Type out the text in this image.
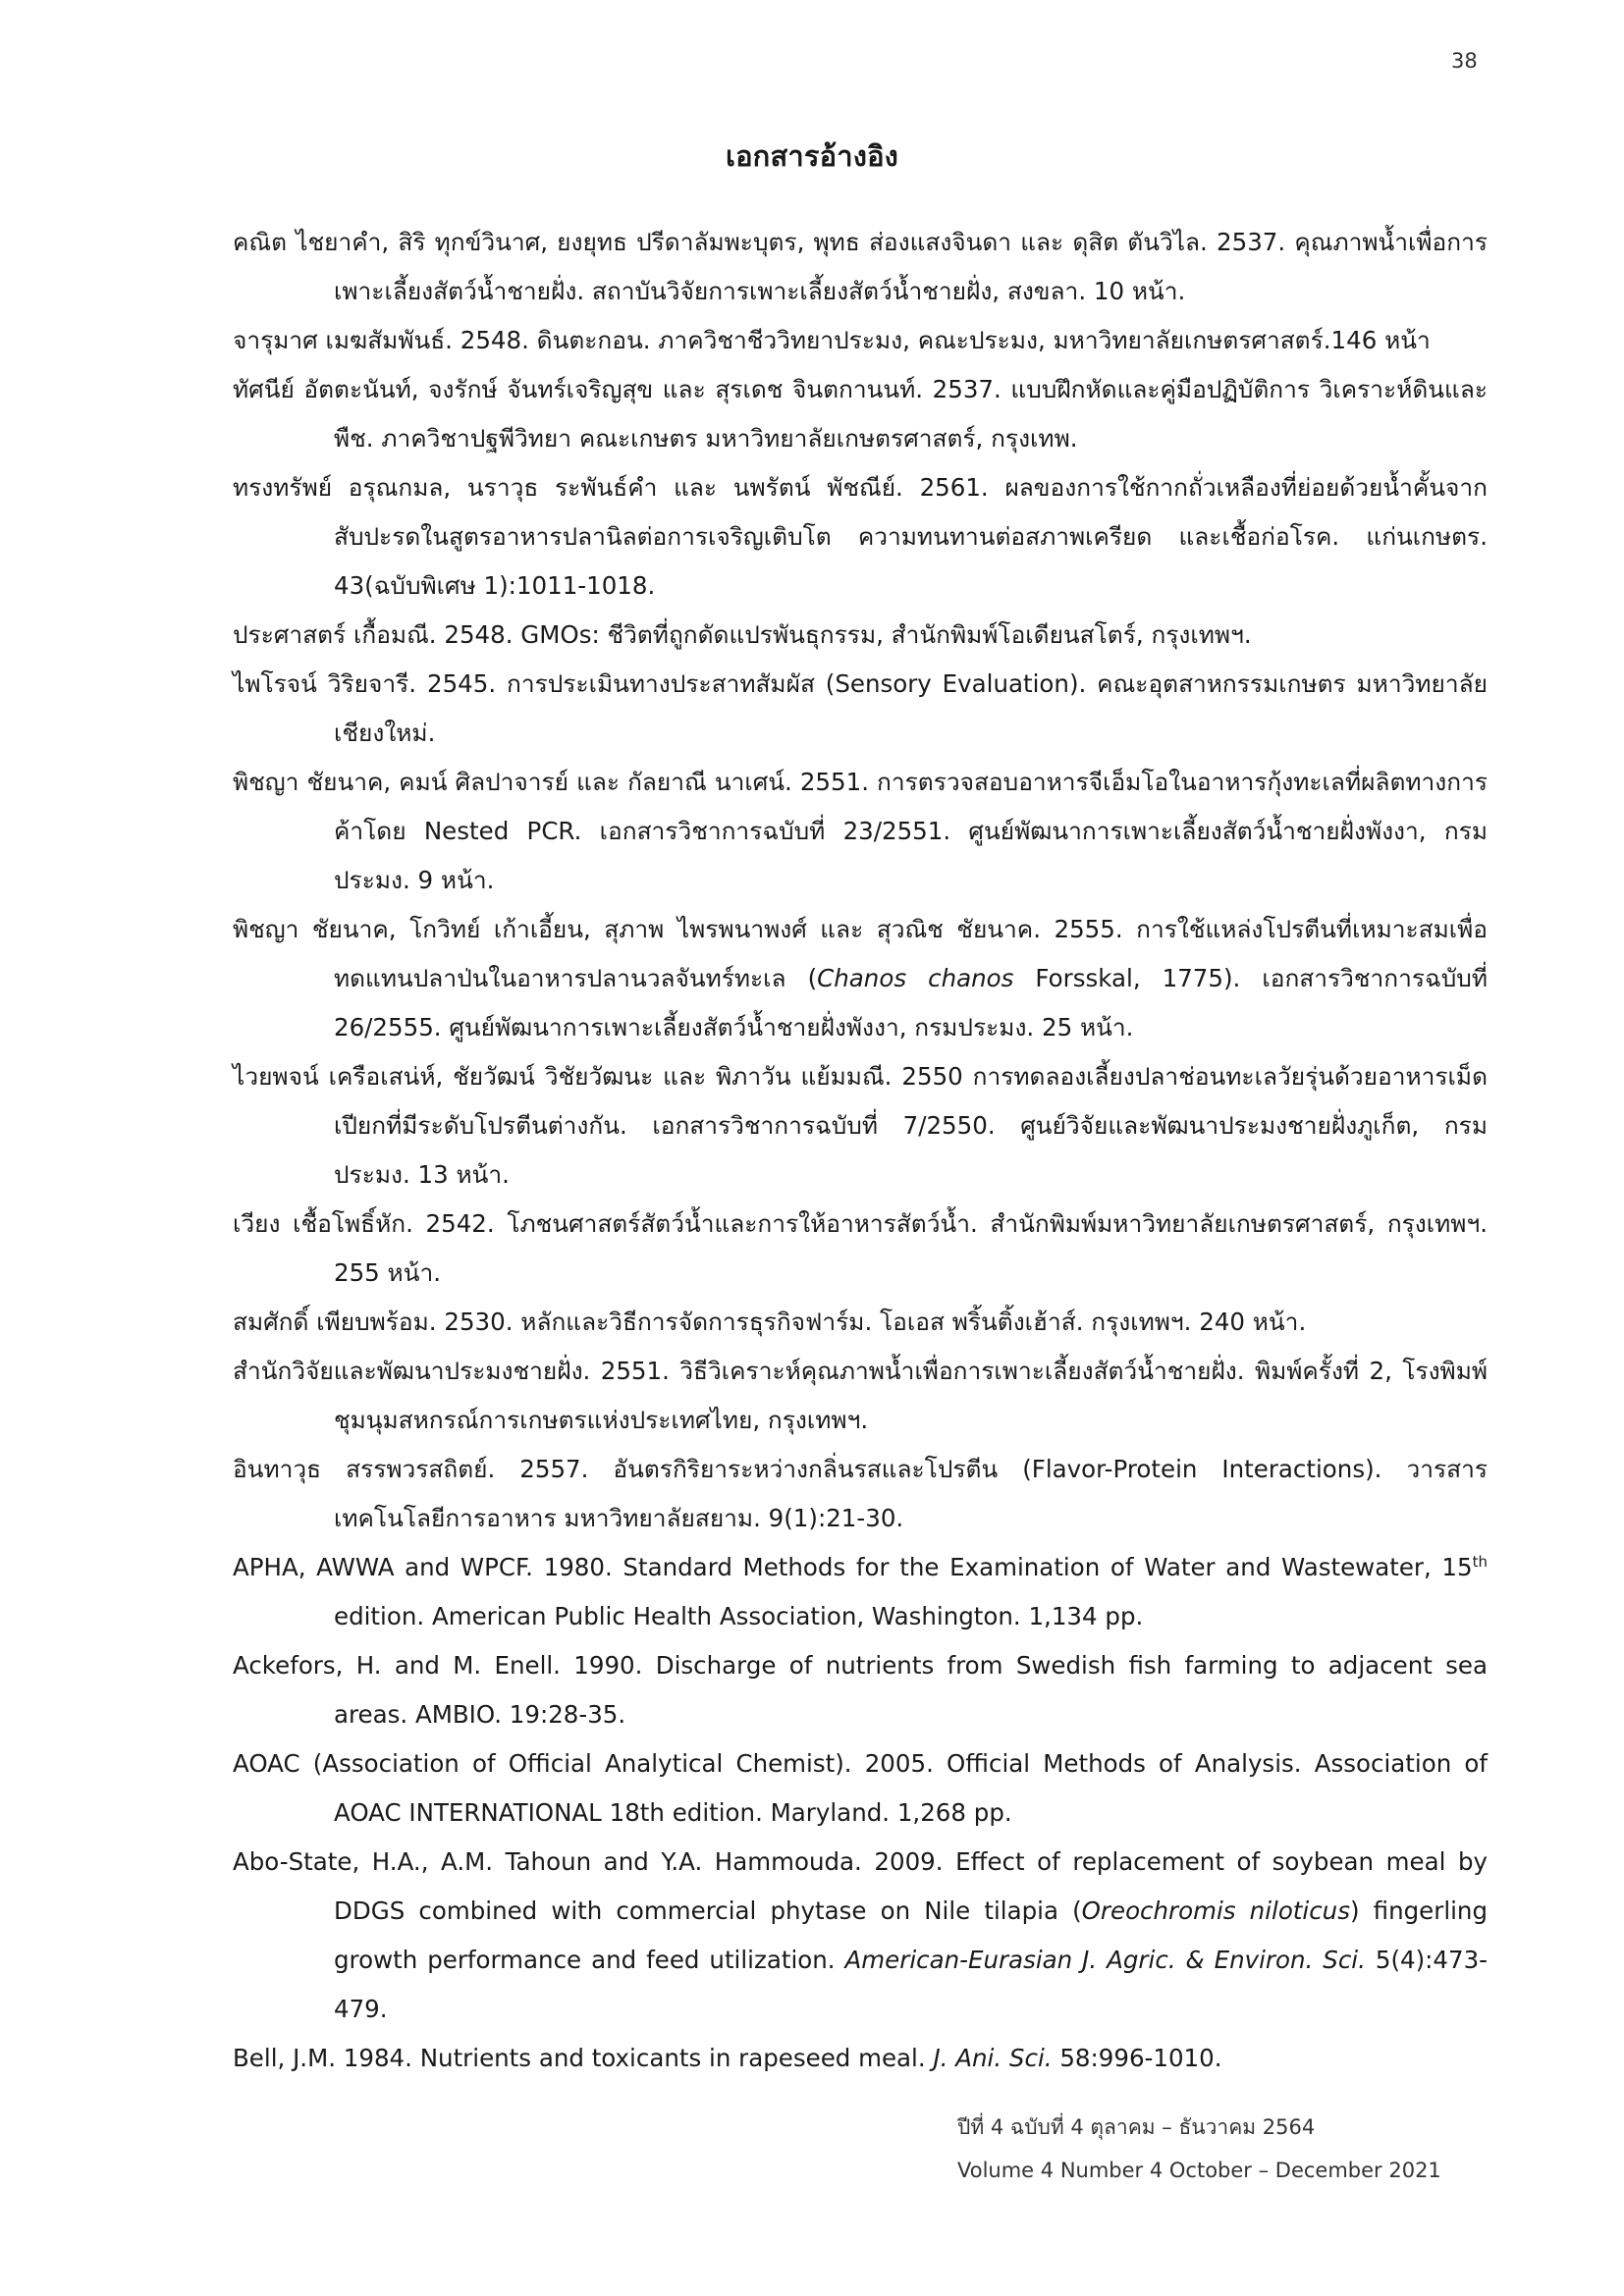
38
เอกสารอ้างอิง
คณิต ไชยาคำ, สิริ ทุกข์วินาศ, ยงยุทธ ปรีดาลัมพะบุตร, พุทธ ส่องแสงจินดา และ ดุสิต ตันวิไล. 2537. คุณภาพน้ำเพื่อการเพาะเลี้ยงสัตว์น้ำชายฝั่ง. สถาบันวิจัยการเพาะเลี้ยงสัตว์น้ำชายฝั่ง, สงขลา. 10 หน้า.
จารุมาศ เมฆสัมพันธ์. 2548. ดินตะกอน. ภาควิชาชีววิทยาประมง, คณะประมง, มหาวิทยาลัยเกษตรศาสตร์.146 หน้า
ทัศนีย์ อัตตะนันท์, จงรักษ์ จันทร์เจริญสุข และ สุรเดช จินตกานนท์. 2537. แบบฝึกหัดและคู่มือปฏิบัติการ วิเคราะห์ดินและพืช. ภาควิชาปฐพีวิทยา คณะเกษตร มหาวิทยาลัยเกษตรศาสตร์, กรุงเทพ.
ทรงทรัพย์ อรุณกมล, นราวุธ ระพันธ์คำ และ นพรัตน์ พัชณีย์. 2561. ผลของการใช้กากถั่วเหลืองที่ย่อยด้วยน้ำคั้นจากสับปะรดในสูตรอาหารปลานิลต่อการเจริญเติบโต ความทนทานต่อสภาพเครียด และเชื้อก่อโรค. แก่นเกษตร. 43(ฉบับพิเศษ 1):1011-1018.
ประศาสตร์ เกื้อมณี. 2548. GMOs: ชีวิตที่ถูกดัดแปรพันธุกรรม, สำนักพิมพ์โอเดียนสโตร์, กรุงเทพฯ.
ไพโรจน์ วิริยจารี. 2545. การประเมินทางประสาทสัมผัส (Sensory Evaluation). คณะอุตสาหกรรมเกษตร มหาวิทยาลัยเชียงใหม่.
พิชญา ชัยนาค, คมน์ ศิลปาจารย์ และ กัลยาณี นาเศน์. 2551. การตรวจสอบอาหารจีเอ็มโอในอาหารกุ้งทะเลที่ผลิตทางการค้าโดย Nested PCR. เอกสารวิชาการฉบับที่ 23/2551. ศูนย์พัฒนาการเพาะเลี้ยงสัตว์น้ำชายฝั่งพังงา, กรมประมง. 9 หน้า.
พิชญา ชัยนาค, โกวิทย์ เก้าเอี้ยน, สุภาพ ไพรพนาพงศ์ และ สุวณิช ชัยนาค. 2555. การใช้แหล่งโปรตีนที่เหมาะสมเพื่อทดแทนปลาป่นในอาหารปลานวลจันทร์ทะเล (Chanos chanos Forsskal, 1775). เอกสารวิชาการฉบับที่ 26/2555. ศูนย์พัฒนาการเพาะเลี้ยงสัตว์น้ำชายฝั่งพังงา, กรมประมง. 25 หน้า.
ไวยพจน์ เครือเสน่ห์, ชัยวัฒน์ วิชัยวัฒนะ และ พิภาวัน แย้มมณี. 2550 การทดลองเลี้ยงปลาช่อนทะเลวัยรุ่นด้วยอาหารเม็ดเปียกที่มีระดับโปรตีนต่างกัน. เอกสารวิชาการฉบับที่ 7/2550. ศูนย์วิจัยและพัฒนาประมงชายฝั่งภูเก็ต, กรมประมง. 13 หน้า.
เวียง เชื้อโพธิ์หัก. 2542. โภชนศาสตร์สัตว์น้ำและการให้อาหารสัตว์น้ำ. สำนักพิมพ์มหาวิทยาลัยเกษตรศาสตร์, กรุงเทพฯ. 255 หน้า.
สมศักดิ์ เพียบพร้อม. 2530. หลักและวิธีการจัดการธุรกิจฟาร์ม. โอเอส พริ้นติ้งเฮ้าส์. กรุงเทพฯ. 240 หน้า.
สำนักวิจัยและพัฒนาประมงชายฝั่ง. 2551. วิธีวิเคราะห์คุณภาพน้ำเพื่อการเพาะเลี้ยงสัตว์น้ำชายฝั่ง. พิมพ์ครั้งที่ 2, โรงพิมพ์ชุมนุมสหกรณ์การเกษตรแห่งประเทศไทย, กรุงเทพฯ.
อินทาวุธ สรรพวรสถิตย์. 2557. อันตรกิริยาระหว่างกลิ่นรสและโปรตีน (Flavor-Protein Interactions). วารสารเทคโนโลยีการอาหาร มหาวิทยาลัยสยาม. 9(1):21-30.
APHA, AWWA and WPCF. 1980. Standard Methods for the Examination of Water and Wastewater, 15th edition. American Public Health Association, Washington. 1,134 pp.
Ackefors, H. and M. Enell. 1990. Discharge of nutrients from Swedish fish farming to adjacent sea areas. AMBIO. 19:28-35.
AOAC (Association of Official Analytical Chemist). 2005. Official Methods of Analysis. Association of AOAC INTERNATIONAL 18th edition. Maryland. 1,268 pp.
Abo-State, H.A., A.M. Tahoun and Y.A. Hammouda. 2009. Effect of replacement of soybean meal by DDGS combined with commercial phytase on Nile tilapia (Oreochromis niloticus) fingerling growth performance and feed utilization. American-Eurasian J. Agric. & Environ. Sci. 5(4):473-479.
Bell, J.M. 1984. Nutrients and toxicants in rapeseed meal. J. Ani. Sci. 58:996-1010.
ปีที่ 4 ฉบับที่ 4 ตุลาคม – ธันวาคม 2564
Volume 4 Number 4 October – December 2021
